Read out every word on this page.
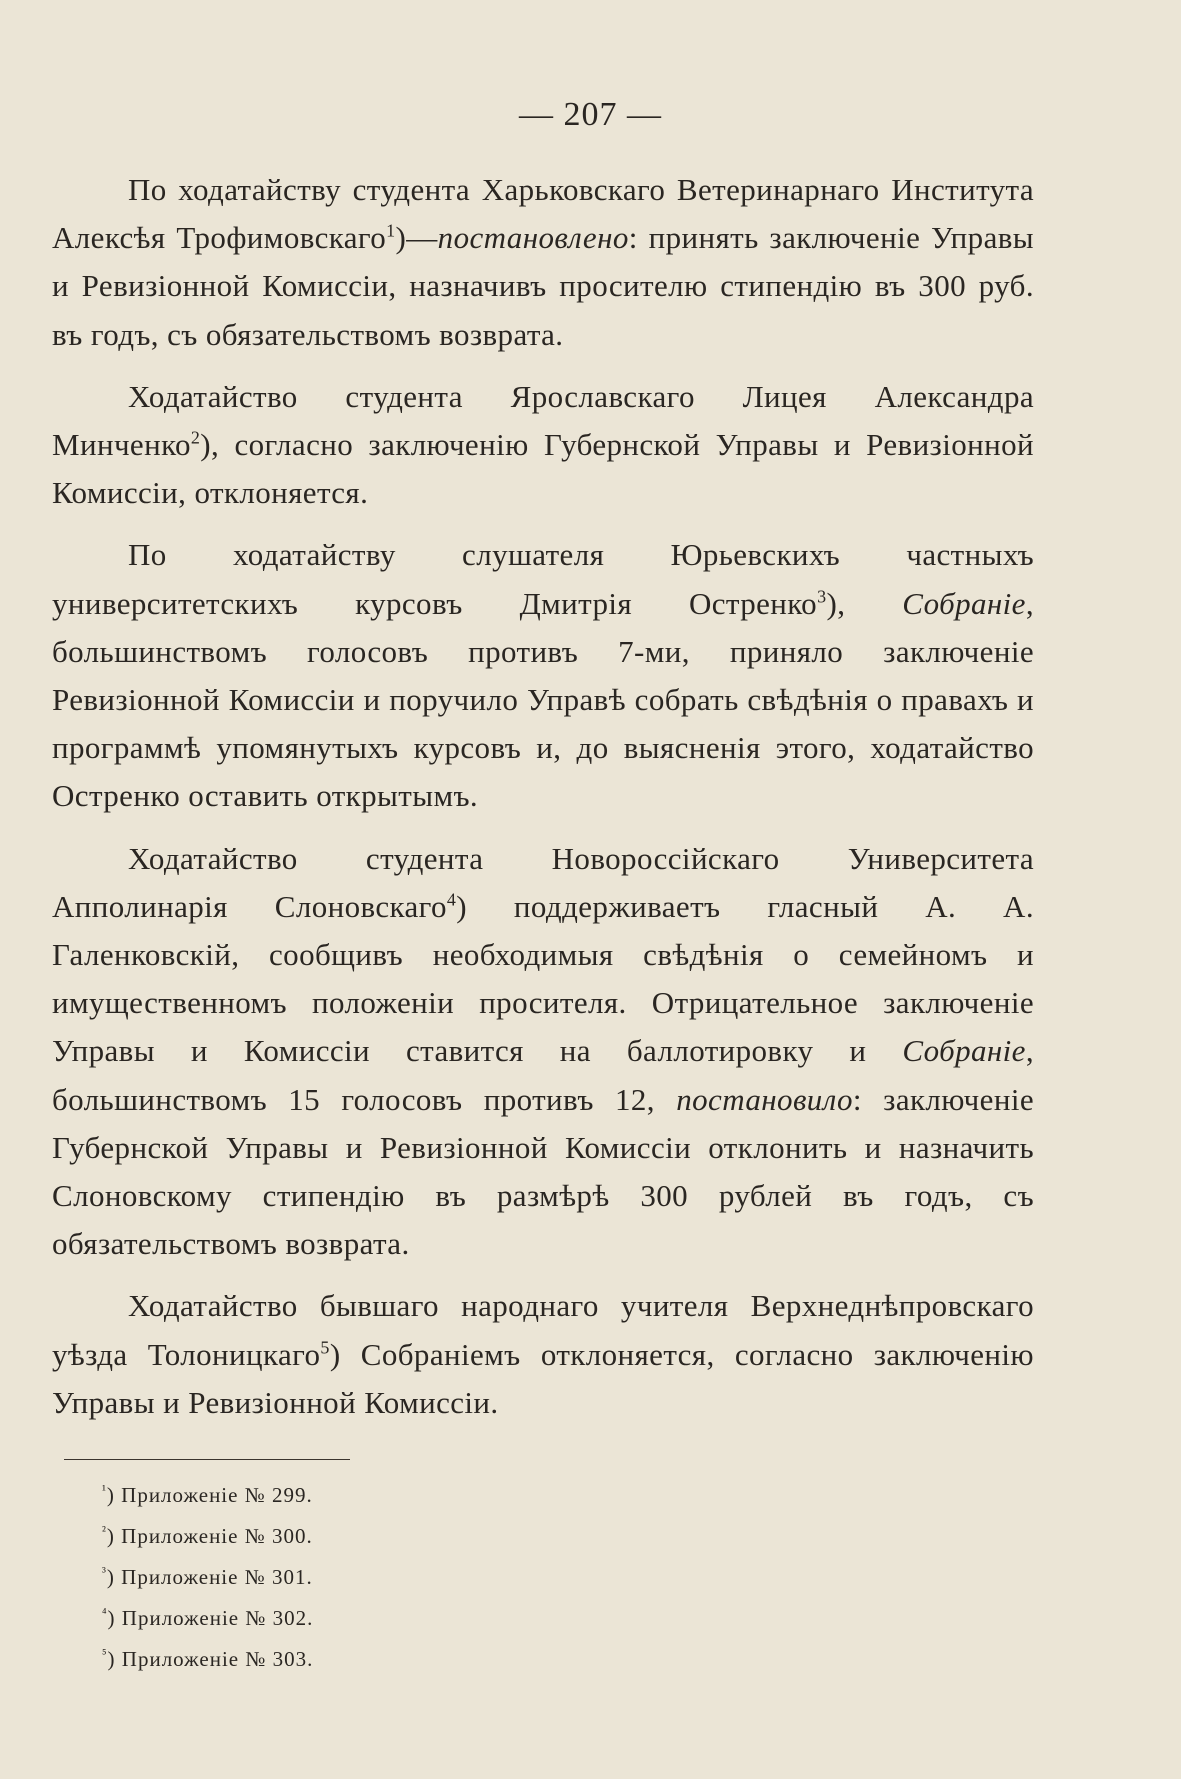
— 207 —

По ходатайству студента Харьковскаго Ветеринарнаго Института Алексѣя Трофимовскаго$^1$)—постановлено: принять заключеніе Управы и Ревизіонной Комиссіи, назначивъ просителю стипендію въ 300 руб. въ годъ, съ обязательствомъ возврата.

Ходатайство студента Ярославскаго Лицея Александра Минченко$^2$), согласно заключенію Губернской Управы и Ревизіонной Комиссіи, отклоняется.

По ходатайству слушателя Юрьевскихъ частныхъ университетскихъ курсовъ Дмитрія Остренко$^3$), Собраніе, большинствомъ голосовъ противъ 7-ми, приняло заключеніе Ревизіонной Комиссіи и поручило Управѣ собрать свѣдѣнія о правахъ и программѣ упомянутыхъ курсовъ и, до выясненія этого, ходатайство Остренко оставить открытымъ.

Ходатайство студента Новороссійскаго Университета Апполинарія Слоновскаго$^4$) поддерживаетъ гласный А. А. Галенковскій, сообщивъ необходимыя свѣдѣнія о семейномъ и имущественномъ положеніи просителя. Отрицательное заключеніе Управы и Комиссіи ставится на баллотировку и Собраніе, большинствомъ 15 голосовъ противъ 12, постановило: заключеніе Губернской Управы и Ревизіонной Комиссіи отклонить и назначить Слоновскому стипендію въ размѣрѣ 300 рублей въ годъ, съ обязательствомъ возврата.

Ходатайство бывшаго народнаго учителя Верхнеднѣпровскаго уѣзда Толоницкаго$^5$) Собраніемъ отклоняется, согласно заключенію Управы и Ревизіонной Комиссіи.

$^{^1}$) Приложеніе № 299.
$^{^2}$) Приложеніе № 300.
$^{^3}$) Приложеніе № 301.
$^{^4}$) Приложеніе № 302.
$^{^5}$) Приложеніе № 303.
